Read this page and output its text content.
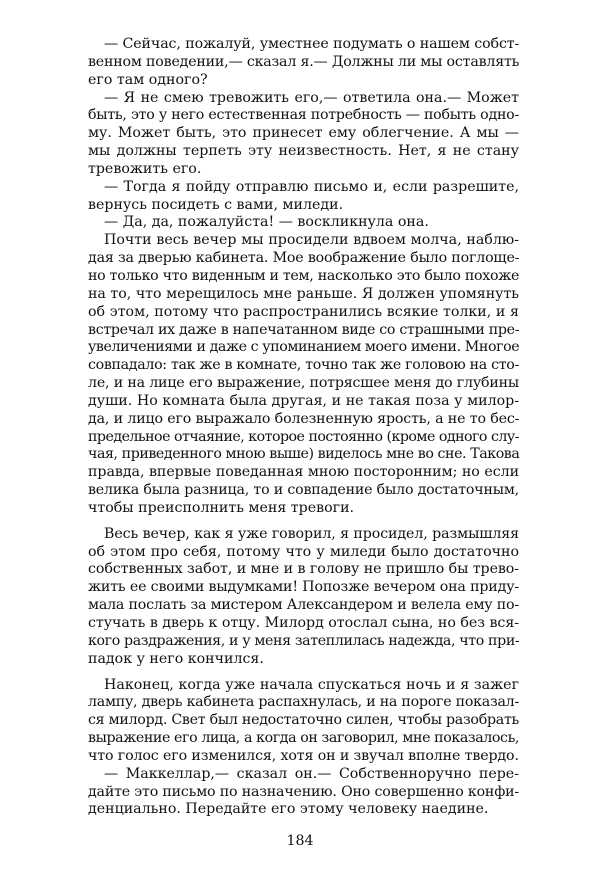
— Сейчас, пожалуй, уместнее подумать о нашем собст-
венном поведении,— сказал я.— Должны ли мы оставлять
его там одного?

— Я не смею тревожить его,— ответила она.— Может
быть, это у него естественная потребность — побыть одно-
му. Может быть, это принесет ему облегчение. А мы —
мы должны терпеть эту неизвестность. Нет, я не стану
тревожить его.

— Тогда я пойду отправлю письмо и, если разрешите,
вернусь посидеть с вами, миледи.

— Да, да, пожалуйста! — воскликнула она.

Почти весь вечер мы просидели вдвоем молча, наблю-
дая за дверью кабинета. Мое воображение было поглоще-
но только что виденным и тем, насколько это было похоже
на то, что мерещилось мне раньше. Я должен упомянуть
об этом, потому что распространились всякие толки, и я
встречал их даже в напечатанном виде со страшными пре-
увеличениями и даже с упоминанием моего имени. Многое
совпадало: так же в комнате, точно так же головою на сто-
ле, и на лице его выражение, потрясшее меня до глубины
души. Но комната была другая, и не такая поза у милор-
да, и лицо его выражало болезненную ярость, а не то бес-
предельное отчаяние, которое постоянно (кроме одного слу-
чая, приведенного мною выше) виделось мне во сне. Такова
правда, впервые поведанная мною посторонним; но если
велика была разница, то и совпадение было достаточным,
чтобы преисполнить меня тревоги.

Весь вечер, как я уже говорил, я просидел, размышляя
об этом про себя, потому что у миледи было достаточно
собственных забот, и мне и в голову не пришло бы трево-
жить ее своими выдумками! Попозже вечером она приду-
мала послать за мистером Александером и велела ему по-
стучать в дверь к отцу. Милорд отослал сына, но без вся-
кого раздражения, и у меня затеплилась надежда, что при-
падок у него кончился.

Наконец, когда уже начала спускаться ночь и я зажег
лампу, дверь кабинета распахнулась, и на пороге показал-
ся милорд. Свет был недостаточно силен, чтобы разобрать
выражение его лица, а когда он заговорил, мне показалось,
что голос его изменился, хотя он и звучал вполне твердо.

— Маккеллар,— сказал он.— Собственноручно пере-
дайте это письмо по назначению. Оно совершенно конфи-
денциально. Передайте его этому человеку наедине.

184
